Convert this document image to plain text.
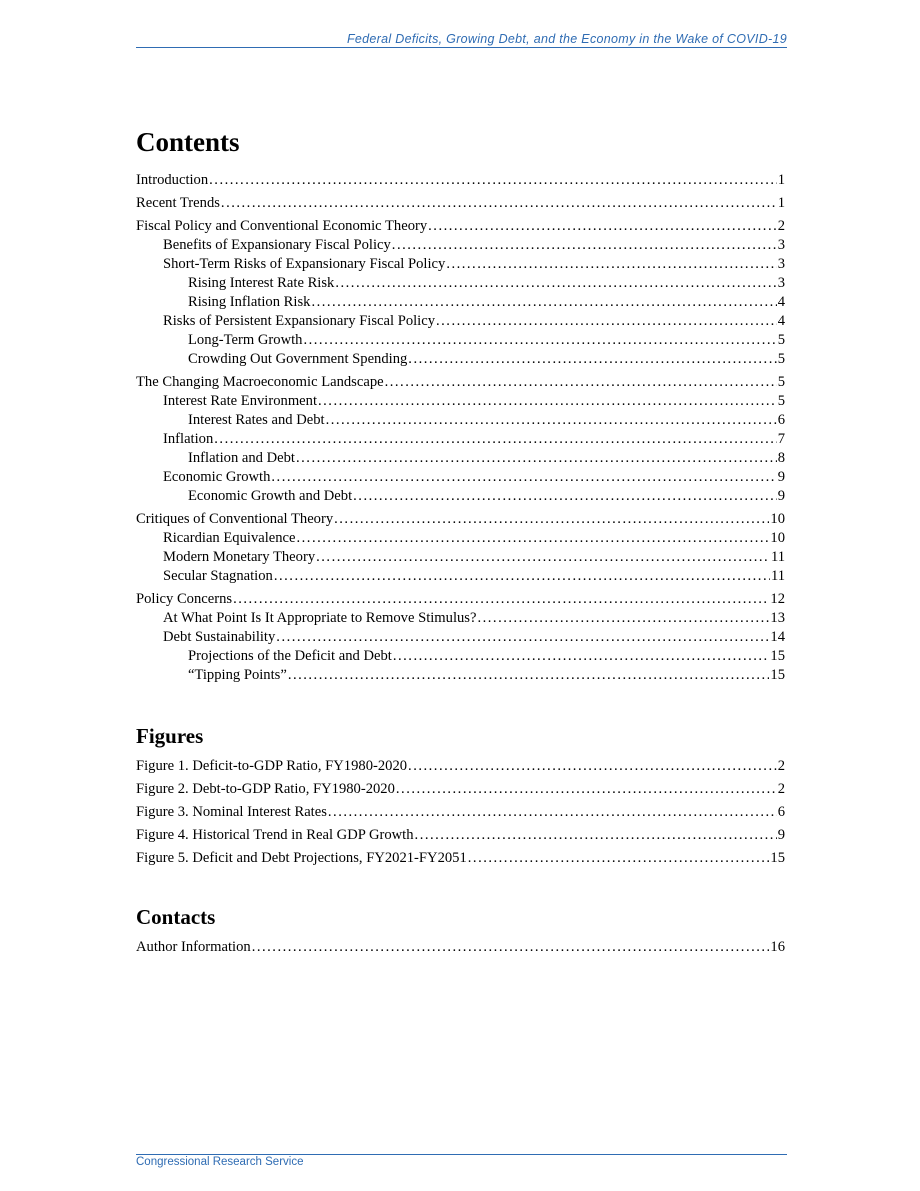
Federal Deficits, Growing Debt, and the Economy in the Wake of COVID-19
Contents
Introduction .....	1
Recent Trends .....	1
Fiscal Policy and Conventional Economic Theory .....	2
Benefits of Expansionary Fiscal Policy .....	3
Short-Term Risks of Expansionary Fiscal Policy .....	3
Rising Interest Rate Risk .....	3
Rising Inflation Risk .....	4
Risks of Persistent Expansionary Fiscal Policy .....	4
Long-Term Growth .....	5
Crowding Out Government Spending .....	5
The Changing Macroeconomic Landscape .....	5
Interest Rate Environment .....	5
Interest Rates and Debt .....	6
Inflation .....	7
Inflation and Debt .....	8
Economic Growth .....	9
Economic Growth and Debt .....	9
Critiques of Conventional Theory .....	10
Ricardian Equivalence .....	10
Modern Monetary Theory .....	11
Secular Stagnation .....	11
Policy Concerns .....	12
At What Point Is It Appropriate to Remove Stimulus? .....	13
Debt Sustainability .....	14
Projections of the Deficit and Debt .....	15
“Tipping Points” .....	15
Figures
Figure 1. Deficit-to-GDP Ratio, FY1980-2020 .....	2
Figure 2. Debt-to-GDP Ratio, FY1980-2020 .....	2
Figure 3. Nominal Interest Rates .....	6
Figure 4. Historical Trend in Real GDP Growth .....	9
Figure 5. Deficit and Debt Projections, FY2021-FY2051 .....	15
Contacts
Author Information .....	16
Congressional Research Service
